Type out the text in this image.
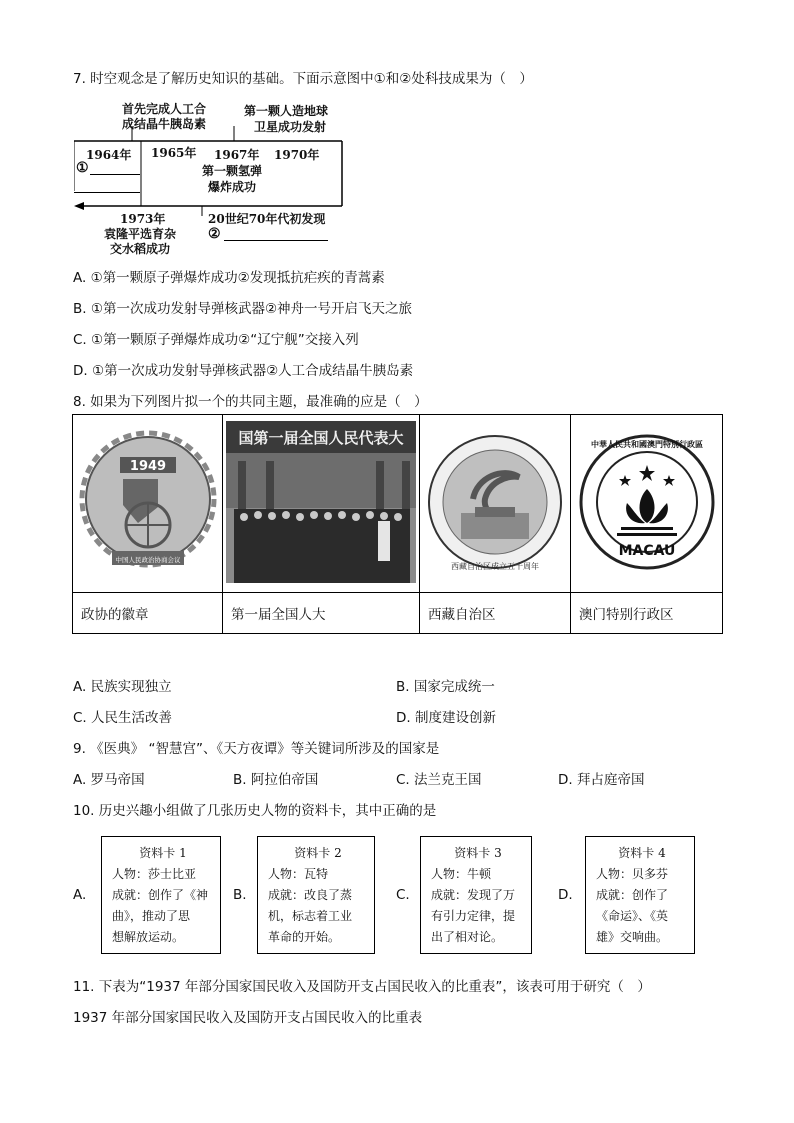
7. 时空观念是了解历史知识的基础。下面示意图中①和②处科技成果为（　）
首先完成人工合
成结晶牛胰岛素
第一颗人造地球
卫星成功发射
1964年 1965年 1967年 1970年
①	第一颗氢弹
爆炸成功
1973年
袁隆平选育杂
交水稻成功
20世纪70年代初发现
②
A. ①第一颗原子弹爆炸成功②发现抵抗疟疾的青蒿素
B. ①第一次成功发射导弹核武器②神舟一号开启飞天之旅
C. ①第一颗原子弹爆炸成功②“辽宁舰”交接入列
D. ①第一次成功发射导弹核武器②人工合成结晶牛胰岛素
8. 如果为下列图片拟一个的共同主题，最准确的应是（　）
1949
中国人民政治协商会议	国第一届全国人民代表大	西藏自治区成立五十周年	中華人民共和國澳門特別行政區
MACAU

政协的徽章	第一届全国人大	西藏自治区	澳门特别行政区
A. 民族实现独立	B. 国家完成统一
C. 人民生活改善	D. 制度建设创新
9. 《医典》 “智慧宫”、《天方夜谭》等关键词所涉及的国家是
A. 罗马帝国	B. 阿拉伯帝国	C. 法兰克王国	D. 拜占庭帝国
10. 历史兴趣小组做了几张历史人物的资料卡，其中正确的是
A.
资料卡 1
人物：莎士比亚
成就：创作了《神
曲》，推动了思
想解放运动。
B.
资料卡 2
人物：瓦特
成就：改良了蒸
机，标志着工业
革命的开始。
C.
资料卡 3
人物：牛顿
成就：发现了万
有引力定律，提
出了相对论。
D.
资料卡 4
人物：贝多芬
成就：创作了
《命运》、《英
雄》交响曲。
11. 下表为“1937 年部分国家国民收入及国防开支占国民收入的比重表”，该表可用于研究（　）
1937 年部分国家国民收入及国防开支占国民收入的比重表
